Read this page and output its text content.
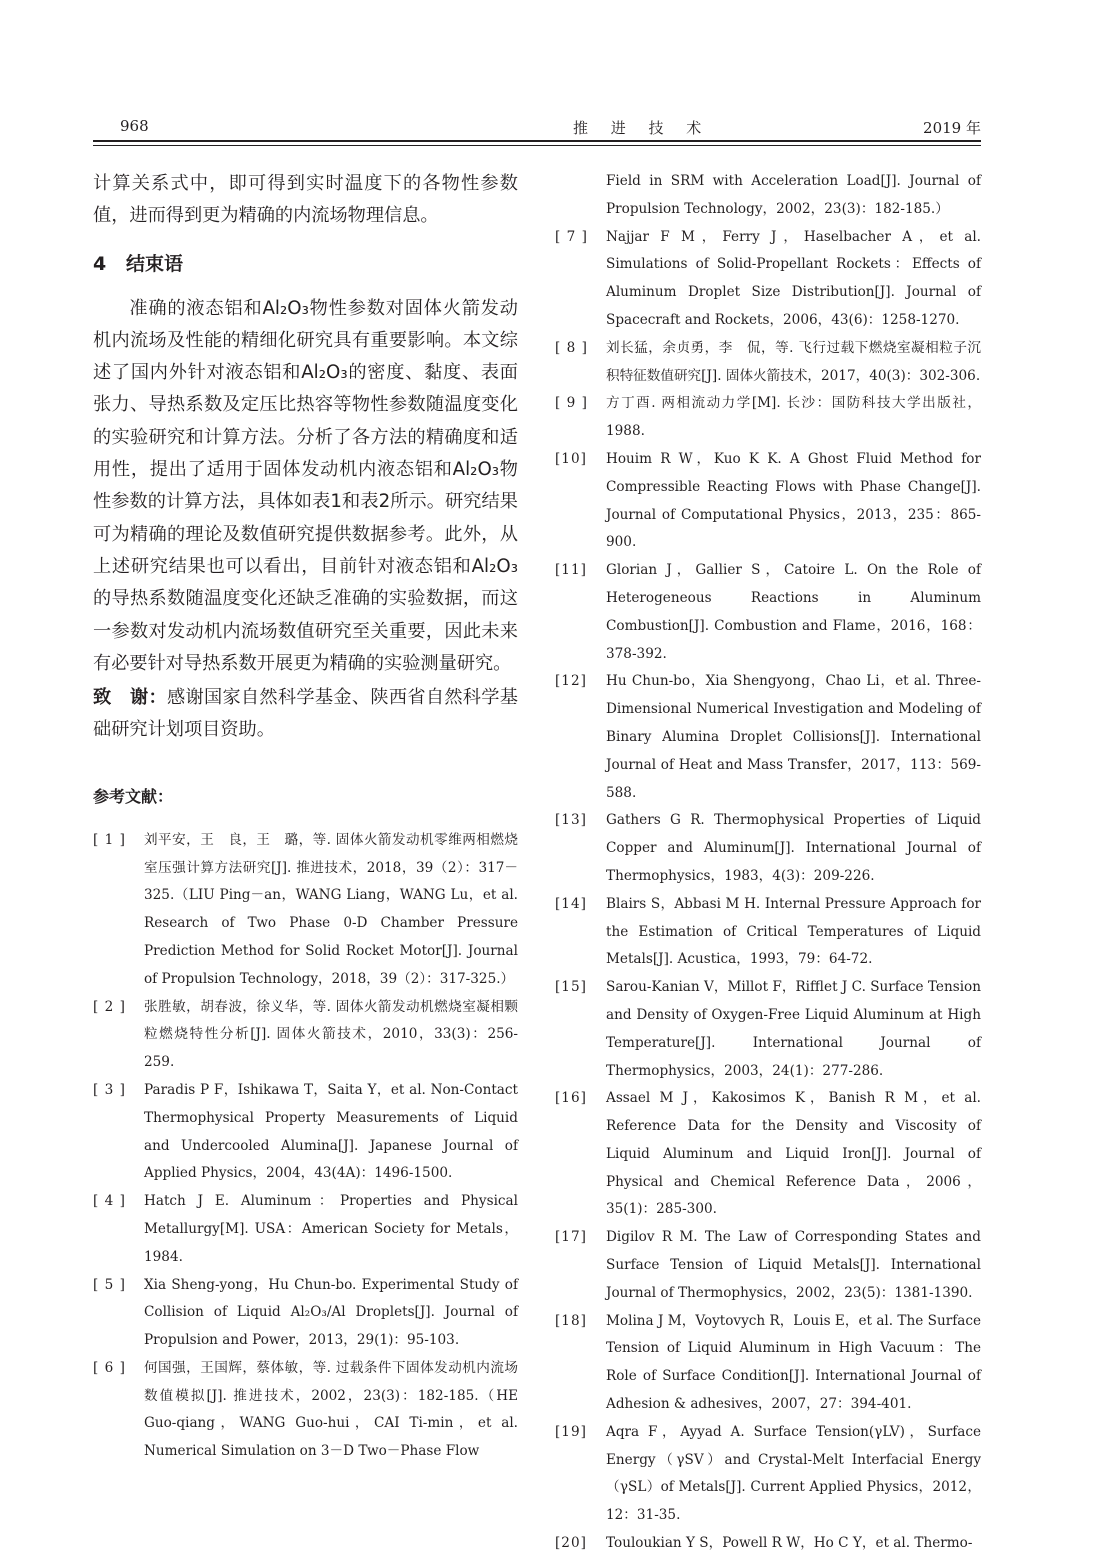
968	推 进 技 术	2019 年

计算关系式中，即可得到实时温度下的各物性参数值，进而得到更为精确的内流场物理信息。

4 结束语

准确的液态铝和Al₂O₃物性参数对固体火箭发动机内流场及性能的精细化研究具有重要影响。本文综述了国内外针对液态铝和Al₂O₃的密度、黏度、表面张力、导热系数及定压比热容等物性参数随温度变化的实验研究和计算方法。分析了各方法的精确度和适用性，提出了适用于固体发动机内液态铝和Al₂O₃物性参数的计算方法，具体如表1和表2所示。研究结果可为精确的理论及数值研究提供数据参考。此外，从上述研究结果也可以看出，目前针对液态铝和Al₂O₃的导热系数随温度变化还缺乏准确的实验数据，而这一参数对发动机内流场数值研究至关重要，因此未来有必要针对导热系数开展更为精确的实验测量研究。

致　谢：感谢国家自然科学基金、陕西省自然科学基础研究计划项目资助。

参考文献：
[ 1 ]	刘平安，王　良，王　璐，等. 固体火箭发动机零维两相燃烧室压强计算方法研究[J]. 推进技术，2018，39（2）：317－325.（LIU Ping－an，WANG Liang，WANG Lu，et al. Research of Two Phase 0-D Chamber Pressure Prediction Method for Solid Rocket Motor[J]. Journal of Propulsion Technology，2018，39（2）：317-325.）
[ 2 ]	张胜敏，胡春波，徐义华，等. 固体火箭发动机燃烧室凝相颗粒燃烧特性分析[J]. 固体火箭技术，2010，33(3)：256-259.
[ 3 ]	Paradis P F，Ishikawa T，Saita Y，et al. Non-Contact Thermophysical Property Measurements of Liquid and Undercooled Alumina[J]. Japanese Journal of Applied Physics，2004，43(4A)：1496-1500.
[ 4 ]	Hatch J E. Aluminum：Properties and Physical Metallurgy[M]. USA：American Society for Metals，1984.
[ 5 ]	Xia Sheng-yong，Hu Chun-bo. Experimental Study of Collision of Liquid Al₂O₃/Al Droplets[J]. Journal of Propulsion and Power，2013，29(1)：95-103.
[ 6 ]	何国强，王国辉，蔡体敏，等. 过载条件下固体发动机内流场数值模拟[J]. 推进技术，2002，23(3)：182-185.（HE Guo-qiang，WANG Guo-hui，CAI Ti-min，et al. Numerical Simulation on 3－D Two－Phase Flow
Field in SRM with Acceleration Load[J]. Journal of Propulsion Technology，2002，23(3)：182-185.）
[ 7 ]	Najjar F M，Ferry J，Haselbacher A，et al. Simulations of Solid-Propellant Rockets：Effects of Aluminum Droplet Size Distribution[J]. Journal of Spacecraft and Rockets，2006，43(6)：1258-1270.
[ 8 ]	刘长猛，余贞勇，李　侃，等. 飞行过载下燃烧室凝相粒子沉积特征数值研究[J]. 固体火箭技术，2017，40(3)：302-306.
[ 9 ]	方丁酉. 两相流动力学[M]. 长沙：国防科技大学出版社，1988.
[10]	Houim R W，Kuo K K. A Ghost Fluid Method for Compressible Reacting Flows with Phase Change[J]. Journal of Computational Physics，2013，235：865-900.
[11]	Glorian J，Gallier S，Catoire L. On the Role of Heterogeneous Reactions in Aluminum Combustion[J]. Combustion and Flame，2016，168：378-392.
[12]	Hu Chun-bo，Xia Shengyong，Chao Li，et al. Three-Dimensional Numerical Investigation and Modeling of Binary Alumina Droplet Collisions[J]. International Journal of Heat and Mass Transfer，2017，113：569-588.
[13]	Gathers G R. Thermophysical Properties of Liquid Copper and Aluminum[J]. International Journal of Thermophysics，1983，4(3)：209-226.
[14]	Blairs S，Abbasi M H. Internal Pressure Approach for the Estimation of Critical Temperatures of Liquid Metals[J]. Acustica，1993，79：64-72.
[15]	Sarou-Kanian V，Millot F，Rifflet J C. Surface Tension and Density of Oxygen-Free Liquid Aluminum at High Temperature[J]. International Journal of Thermophysics，2003，24(1)：277-286.
[16]	Assael M J，Kakosimos K，Banish R M，et al. Reference Data for the Density and Viscosity of Liquid Aluminum and Liquid Iron[J]. Journal of Physical and Chemical Reference Data，2006，35(1)：285-300.
[17]	Digilov R M. The Law of Corresponding States and Surface Tension of Liquid Metals[J]. International Journal of Thermophysics，2002，23(5)：1381-1390.
[18]	Molina J M，Voytovych R，Louis E，et al. The Surface Tension of Liquid Aluminum in High Vacuum：The Role of Surface Condition[J]. International Journal of Adhesion & adhesives，2007，27：394-401.
[19]	Aqra F，Ayyad A. Surface Tension(γLV)，Surface Energy（γSV）and Crystal-Melt Interfacial Energy（γSL）of Metals[J]. Current Applied Physics，2012，12：31-35.
[20]	Touloukian Y S，Powell R W，Ho C Y，et al. Thermo-
